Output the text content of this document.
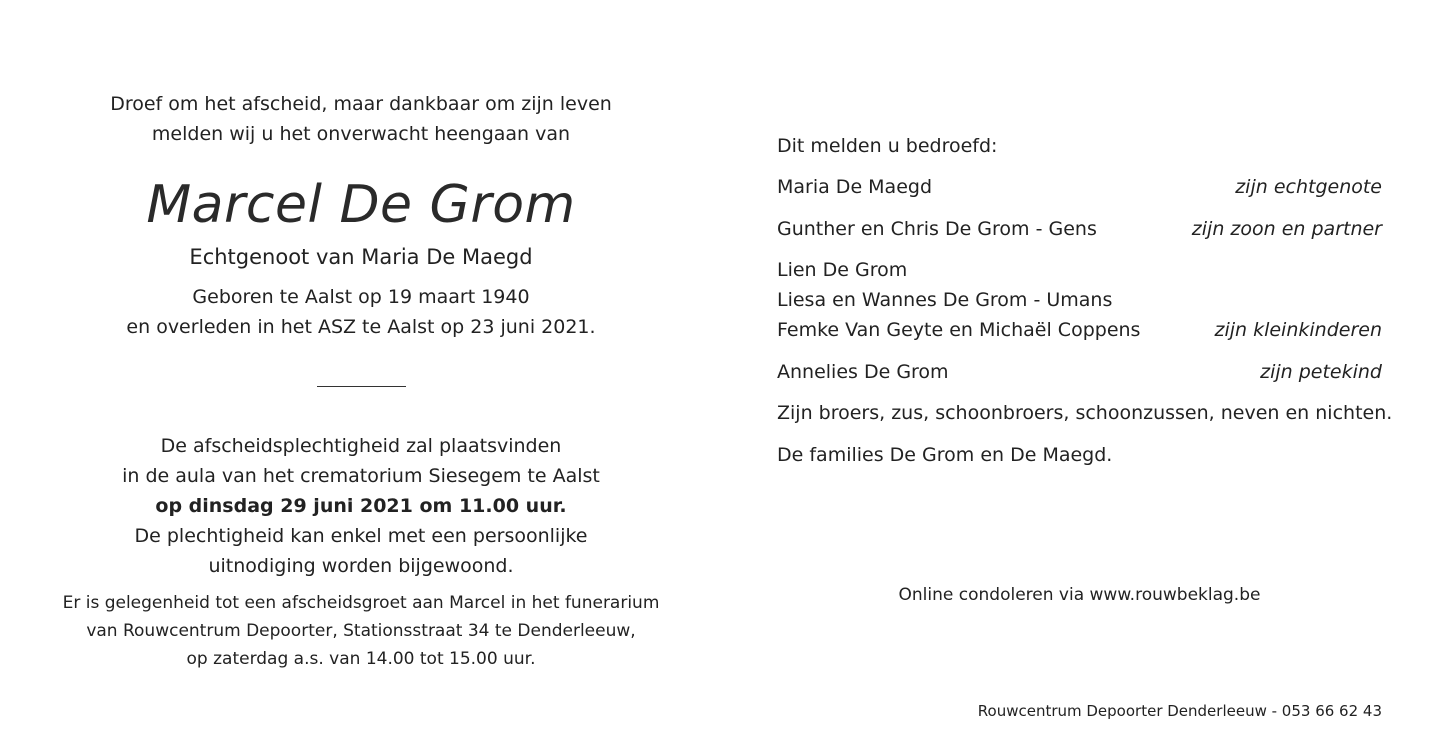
Droef om het afscheid, maar dankbaar om zijn leven
melden wij u het onverwacht heengaan van
Marcel De Grom
Echtgenoot van Maria De Maegd
Geboren te Aalst op 19 maart 1940
en overleden in het ASZ te Aalst op 23 juni 2021.
De afscheidsplechtigheid zal plaatsvinden
in de aula van het crematorium Siesegem te Aalst
op dinsdag 29 juni 2021 om 11.00 uur.
De plechtigheid kan enkel met een persoonlijke
uitnodiging worden bijgewoond.
Er is gelegenheid tot een afscheidsgroet aan Marcel in het funerarium
van Rouwcentrum Depoorter, Stationsstraat 34 te Denderleeuw,
op zaterdag a.s. van 14.00 tot 15.00 uur.
Dit melden u bedroefd:
Maria De Maegd	zijn echtgenote
Gunther en Chris De Grom - Gens	zijn zoon en partner
Lien De Grom
Liesa en Wannes De Grom - Umans
Femke Van Geyte en Michaël Coppens	zijn kleinkinderen
Annelies De Grom	zijn petekind
Zijn broers, zus, schoonbroers, schoonzussen, neven en nichten.
De families De Grom en De Maegd.
Online condoleren via www.rouwbeklag.be
Rouwcentrum Depoorter Denderleeuw - 053 66 62 43
